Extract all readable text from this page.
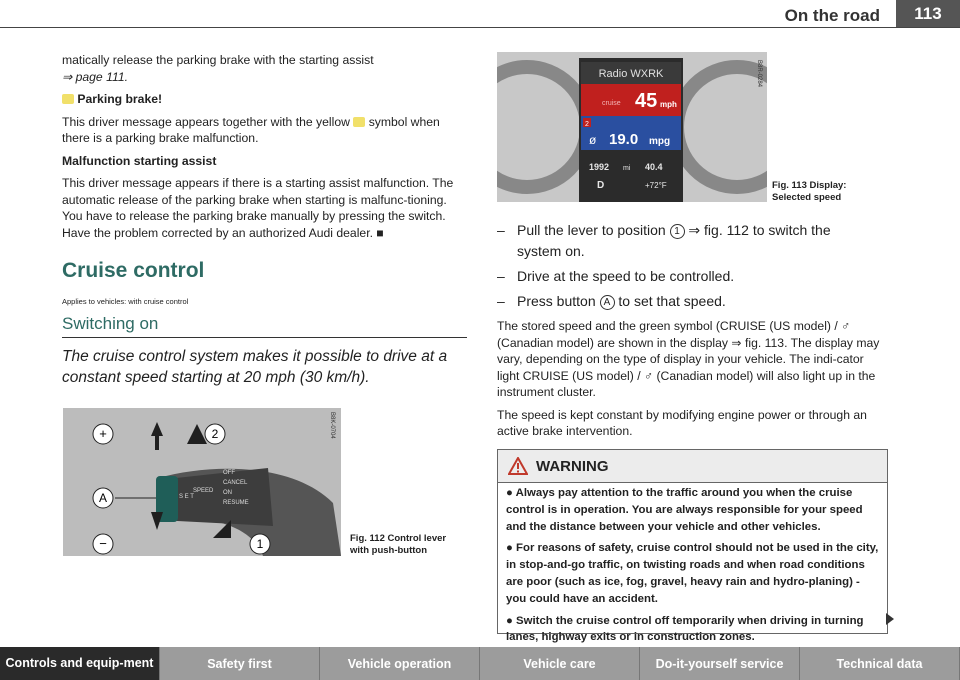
On the road	113

matically release the parking brake with the starting assist
⇒ page 111.

Parking brake!

This driver message appears together with the yellow symbol when there is a parking brake malfunction.

Malfunction starting assist

This driver message appears if there is a starting assist malfunction. The automatic release of the parking brake when starting is malfunc-tioning. You have to release the parking brake manually by pressing the switch. Have the problem corrected by an authorized Audi dealer. ■

Cruise control

Applies to vehicles: with cruise control

Switching on

The cruise control system makes it possible to drive at a constant speed starting at 20 mph (30 km/h).

+
A
−
2
1
S E T
SPEED
OFF
CANCEL
ON
RESUME
B8K-0704
Fig. 112 Control lever with push-button
Radio WXRK
cruise 45 mph
2
ø 19.0 mpg
1992 mi 40.4
D	+72°F
B8R-0284
Fig. 113 Display: Selected speed
– Pull the lever to position 1 ⇒ fig. 112 to switch the system on.
– Drive at the speed to be controlled.
– Press button A to set that speed.

The stored speed and the green symbol (CRUISE (US model) / ♂ (Canadian model) are shown in the display ⇒ fig. 113. The display may vary, depending on the type of display in your vehicle. The indi-cator light CRUISE (US model) / ♂ (Canadian model) will also light up in the instrument cluster.

The speed is kept constant by modifying engine power or through an active brake intervention.

WARNING

● Always pay attention to the traffic around you when the cruise control is in operation. You are always responsible for your speed and the distance between your vehicle and other vehicles.

● For reasons of safety, cruise control should not be used in the city, in stop-and-go traffic, on twisting roads and when road conditions are poor (such as ice, fog, gravel, heavy rain and hydro-planing) - you could have an accident.

● Switch the cruise control off temporarily when driving in turning lanes, highway exits or in construction zones.

Controls and equip-ment	Safety first	Vehicle operation	Vehicle care	Do-it-yourself service	Technical data
